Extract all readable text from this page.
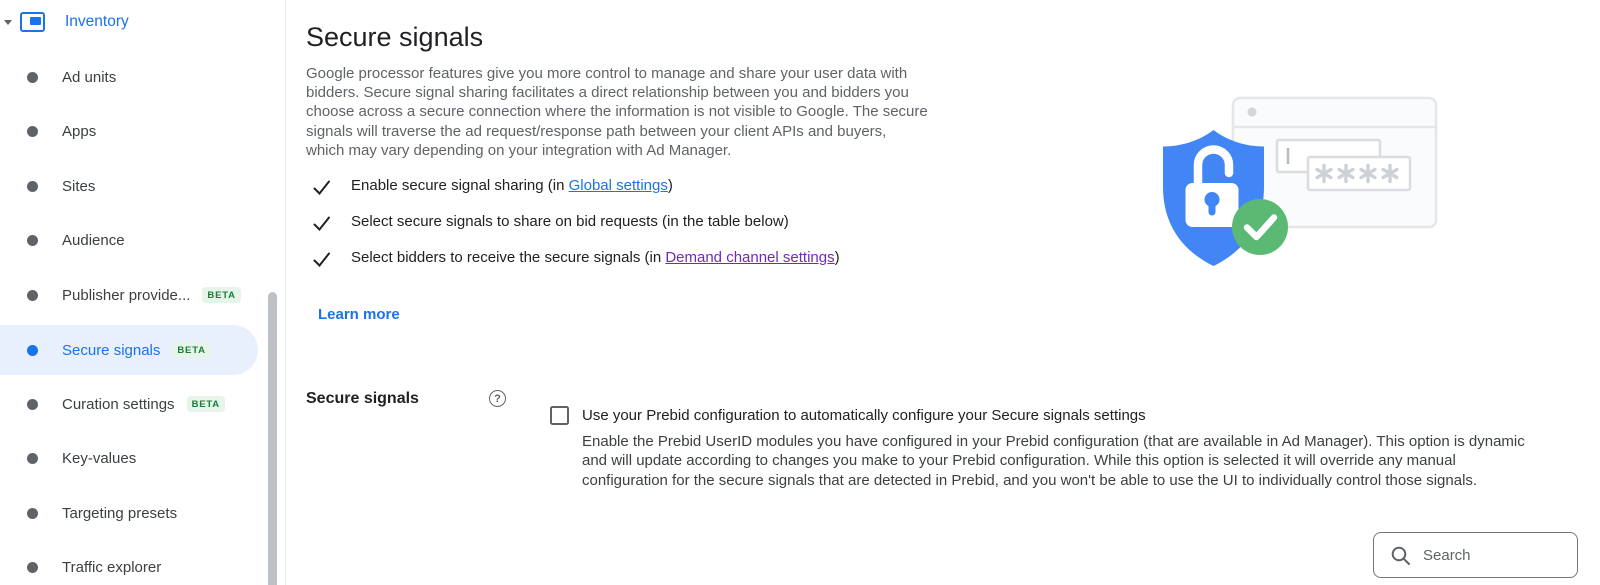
Inventory
Ad units
Apps
Sites
Audience
Publisher provide...	BETA
Secure signals	BETA
Curation settings	BETA
Key-values
Targeting presets
Traffic explorer
Secure signals

Google processor features give you more control to manage and share your user data with bidders. Secure signal sharing facilitates a direct relationship between you and bidders you choose across a secure connection where the information is not visible to Google. The secure signals will traverse the ad request/response path between your client APIs and buyers, which may vary depending on your integration with Ad Manager.

Enable secure signal sharing (in Global settings)
Select secure signals to share on bid requests (in the table below)
Select bidders to receive the secure signals (in Demand channel settings)
Learn more
Secure signals	?
Use your Prebid configuration to automatically configure your Secure signals settings

Enable the Prebid UserID modules you have configured in your Prebid configuration (that are available in Ad Manager). This option is dynamic and will update according to changes you make to your Prebid configuration. While this option is selected it will override any manual configuration for the secure signals that are detected in Prebid, and you won't be able to use the UI to individually control those signals.

Search
